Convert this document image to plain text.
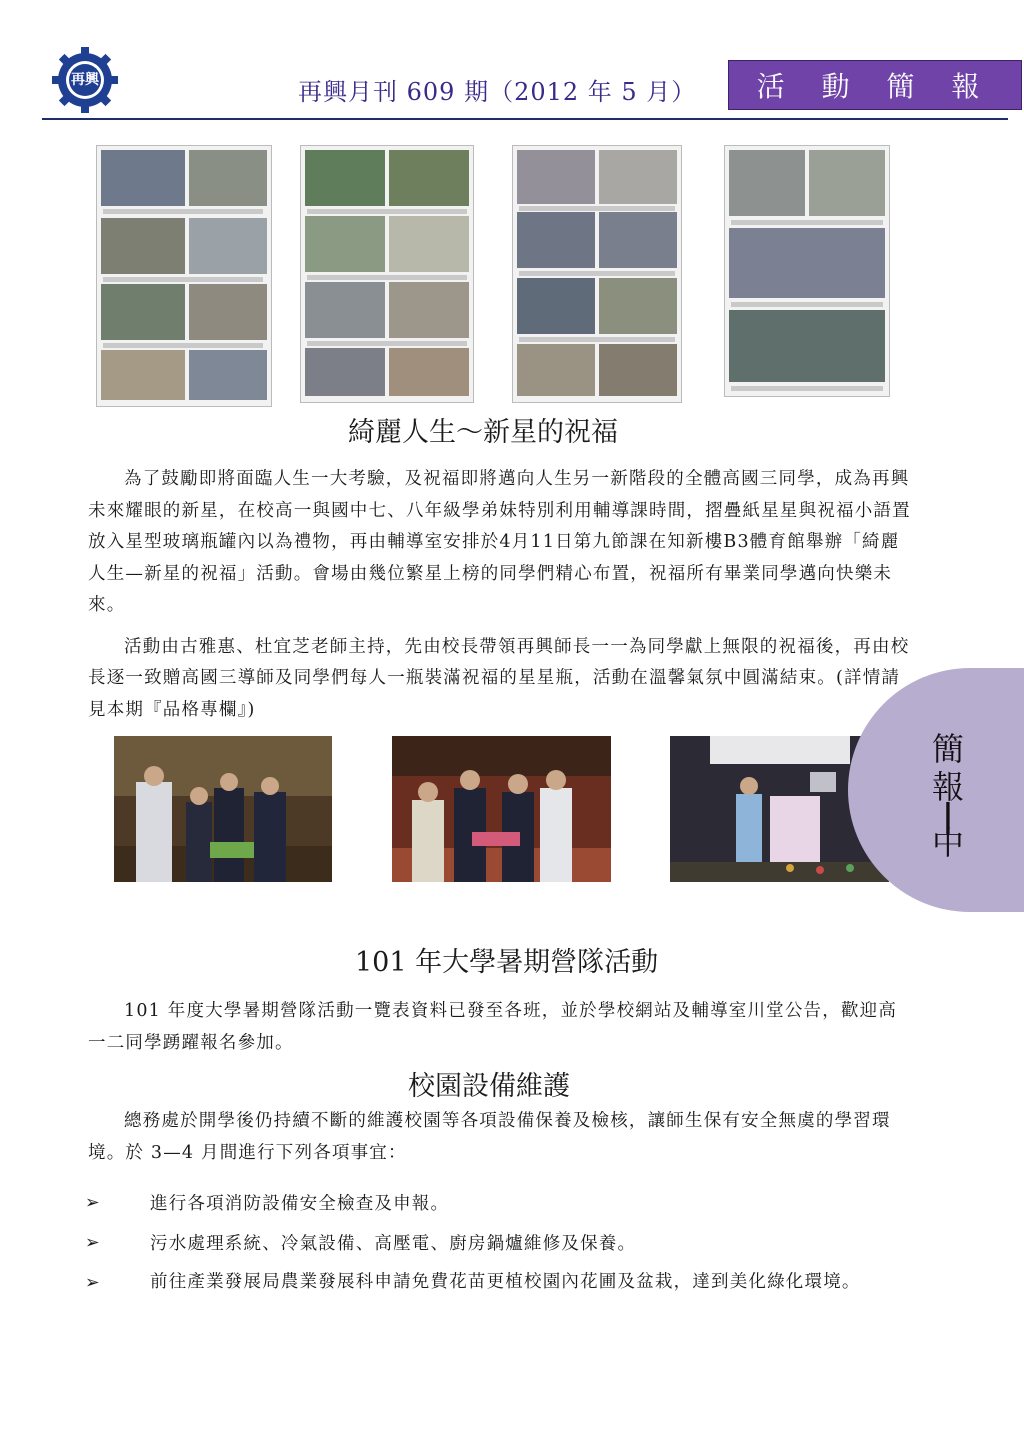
再興	再興月刊 609 期（2012 年 5 月）	活 動 簡 報
綺麗人生～新星的祝福

為了鼓勵即將面臨人生一大考驗，及祝福即將邁向人生另一新階段的全體高國三同學，成為再興未來耀眼的新星，在校高一與國中七、八年級學弟妹特別利用輔導課時間，摺疊紙星星與祝福小語置放入星型玻璃瓶罐內以為禮物，再由輔導室安排於4月11日第九節課在知新樓B3體育館舉辦「綺麗人生—新星的祝福」活動。會場由幾位繁星上榜的同學們精心布置，祝福所有畢業同學邁向快樂未來。

活動由古雅惠、杜宜芝老師主持，先由校長帶領再興師長一一為同學獻上無限的祝福後，再由校長逐一致贈高國三導師及同學們每人一瓶裝滿祝福的星星瓶，活動在溫馨氣氛中圓滿結束。(詳情請見本期『品格專欄』)

簡
報
|
中
101 年大學暑期營隊活動

101 年度大學暑期營隊活動一覽表資料已發至各班，並於學校網站及輔導室川堂公告，歡迎高一二同學踴躍報名參加。

校園設備維護

總務處於開學後仍持續不斷的維護校園等各項設備保養及檢核，讓師生保有安全無虞的學習環境。於 3—4 月間進行下列各項事宜：

➢	進行各項消防設備安全檢查及申報。
➢	污水處理系統、冷氣設備、高壓電、廚房鍋爐維修及保養。
➢	前往產業發展局農業發展科申請免費花苗更植校園內花圃及盆栽，達到美化綠化環境。
